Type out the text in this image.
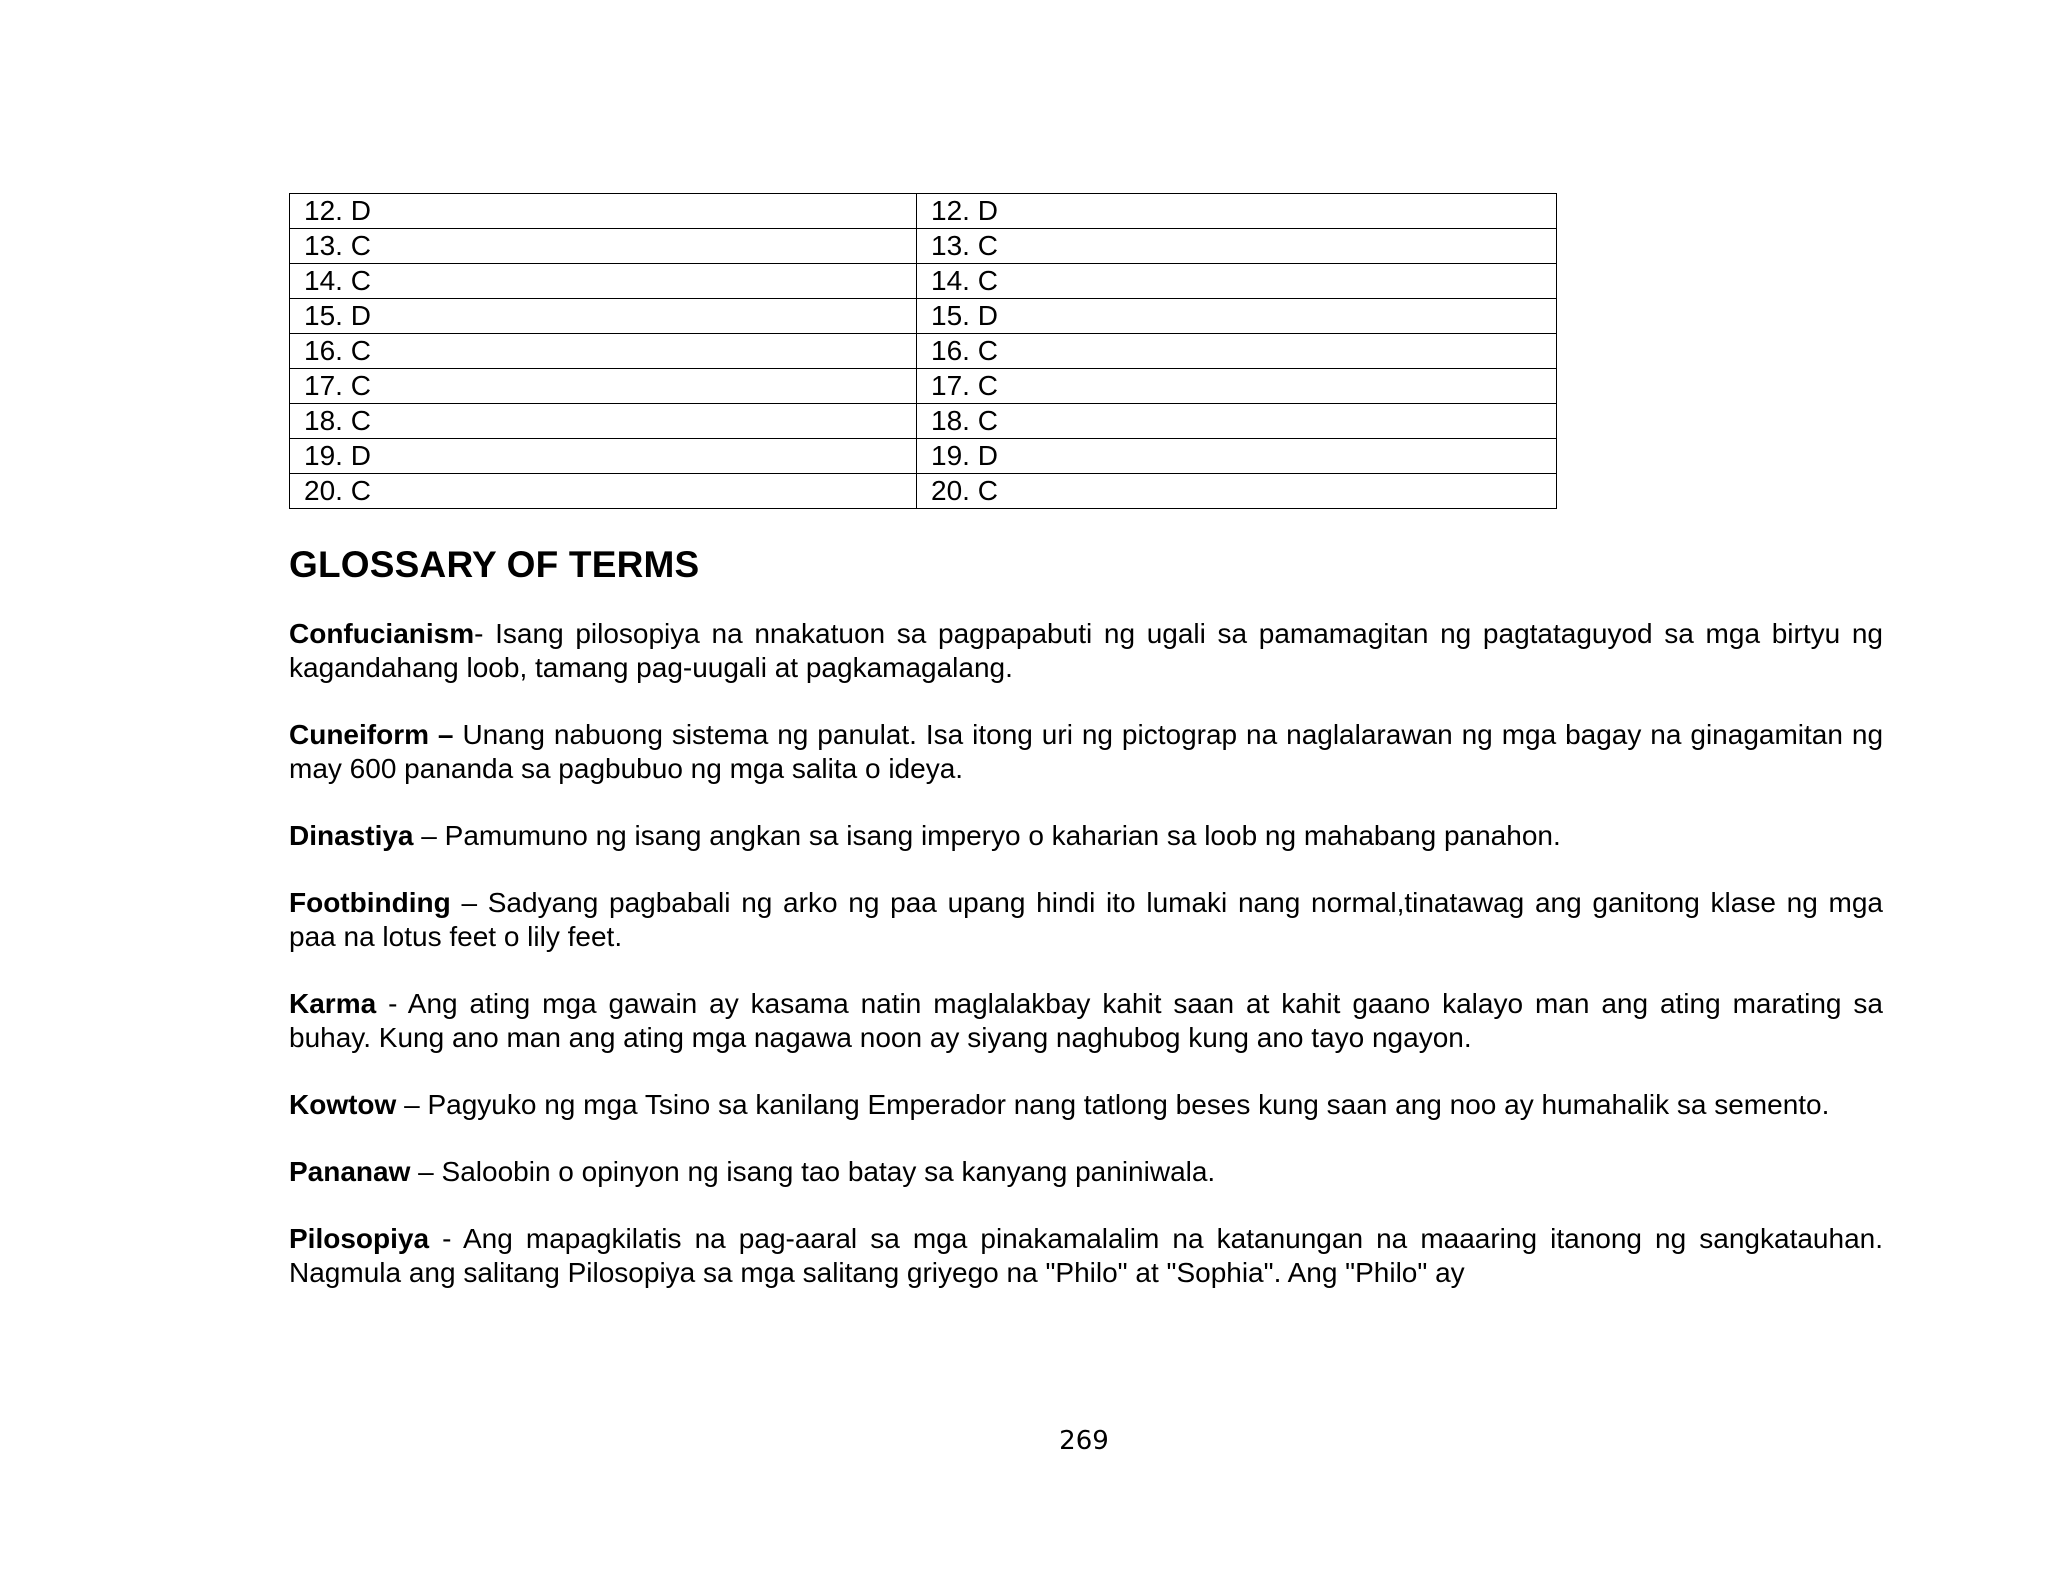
12. D	12. D
13. C	13. C
14. C	14. C
15. D	15. D
16. C	16. C
17. C	17. C
18. C	18. C
19. D	19. D
20. C	20. C
GLOSSARY OF TERMS

Confucianism- Isang pilosopiya na nnakatuon sa pagpapabuti ng ugali sa pamamagitan ng pagtataguyod sa mga birtyu ng kagandahang loob, tamang pag-uugali at pagkamagalang.

Cuneiform – Unang nabuong sistema ng panulat. Isa itong uri ng pictograp na naglalarawan ng mga bagay na ginagamitan ng may 600 pananda sa pagbubuo ng mga salita o ideya.

Dinastiya – Pamumuno ng isang angkan sa isang imperyo o kaharian sa loob ng mahabang panahon.

Footbinding – Sadyang pagbabali ng arko ng paa upang hindi ito lumaki nang normal,tinatawag ang ganitong klase ng mga paa na lotus feet o lily feet.

Karma - Ang ating mga gawain ay kasama natin maglalakbay kahit saan at kahit gaano kalayo man ang ating marating sa buhay. Kung ano man ang ating mga nagawa noon ay siyang naghubog kung ano tayo ngayon.

Kowtow – Pagyuko ng mga Tsino sa kanilang Emperador nang tatlong beses kung saan ang noo ay humahalik sa semento.

Pananaw – Saloobin o opinyon ng isang tao batay sa kanyang paniniwala.

Pilosopiya - Ang mapagkilatis na pag-aaral sa mga pinakamalalim na katanungan na maaaring itanong ng sangkatauhan. Nagmula ang salitang Pilosopiya sa mga salitang griyego na "Philo" at "Sophia". Ang "Philo" ay

269
